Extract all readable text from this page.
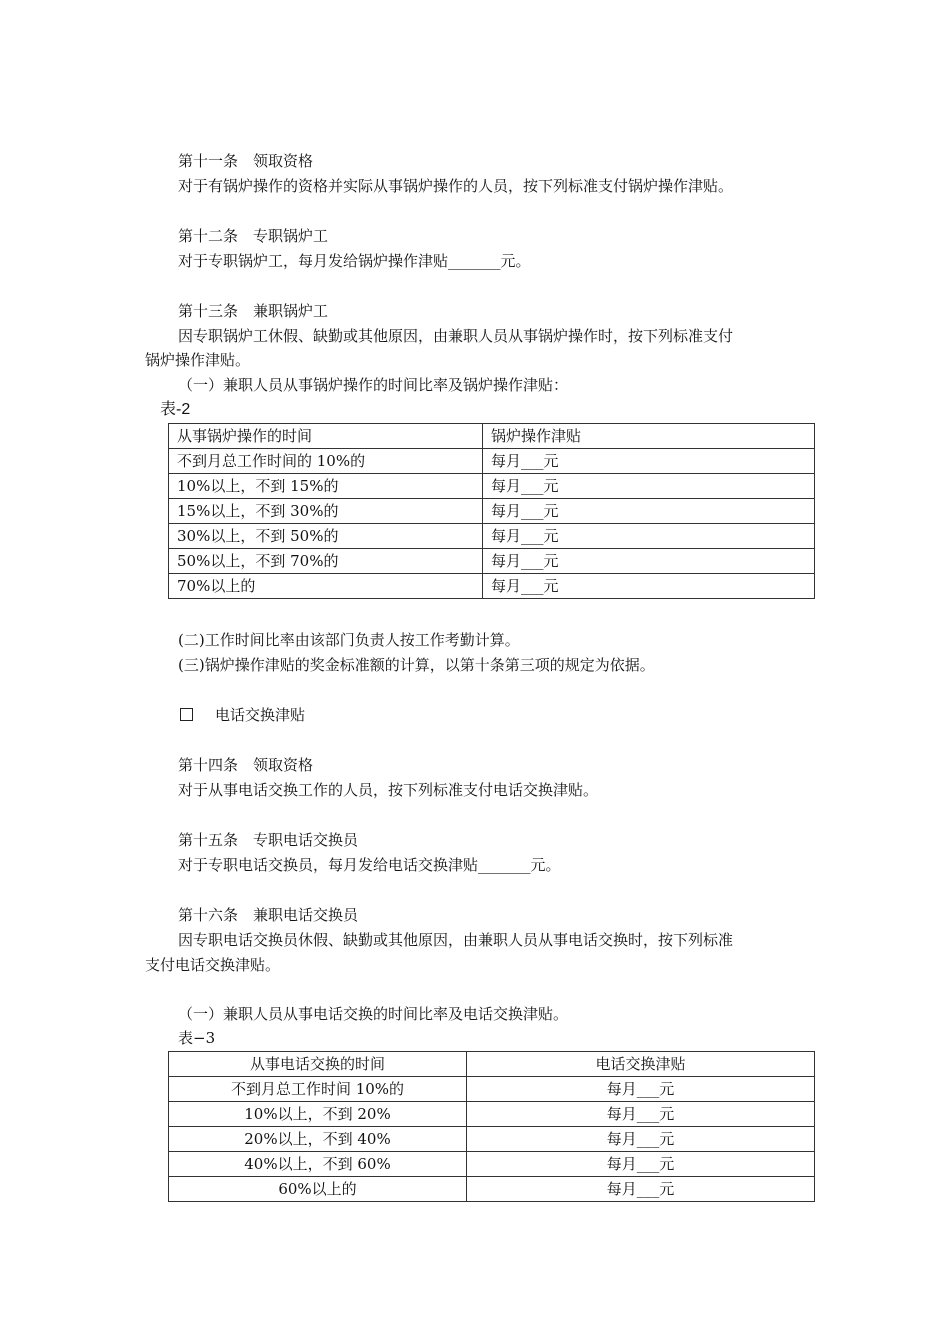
第十一条　领取资格
对于有锅炉操作的资格并实际从事锅炉操作的人员，按下列标准支付锅炉操作津贴。
第十二条　专职锅炉工
对于专职锅炉工，每月发给锅炉操作津贴_______元。
第十三条　兼职锅炉工
因专职锅炉工休假、缺勤或其他原因，由兼职人员从事锅炉操作时，按下列标准支付
锅炉操作津贴。
（一）兼职人员从事锅炉操作的时间比率及锅炉操作津贴：
表-2
从事锅炉操作的时间	锅炉操作津贴
不到月总工作时间的 10%的	每月___元
10%以上，不到 15%的	每月___元
15%以上，不到 30%的	每月___元
30%以上，不到 50%的	每月___元
50%以上，不到 70%的	每月___元
70%以上的	每月___元
(二)工作时间比率由该部门负责人按工作考勤计算。
(三)锅炉操作津贴的奖金标准额的计算，以第十条第三项的规定为依据。
电话交换津贴
第十四条　领取资格
对于从事电话交换工作的人员，按下列标准支付电话交换津贴。
第十五条　专职电话交换员
对于专职电话交换员，每月发给电话交换津贴_______元。
第十六条　兼职电话交换员
因专职电话交换员休假、缺勤或其他原因，由兼职人员从事电话交换时，按下列标准
支付电话交换津贴。
（一）兼职人员从事电话交换的时间比率及电话交换津贴。
表−3
从事电话交换的时间	电话交换津贴
不到月总工作时间 10%的	每月___元
10%以上，不到 20%	每月___元
20%以上，不到 40%	每月___元
40%以上，不到 60%	每月___元
60%以上的	每月___元
